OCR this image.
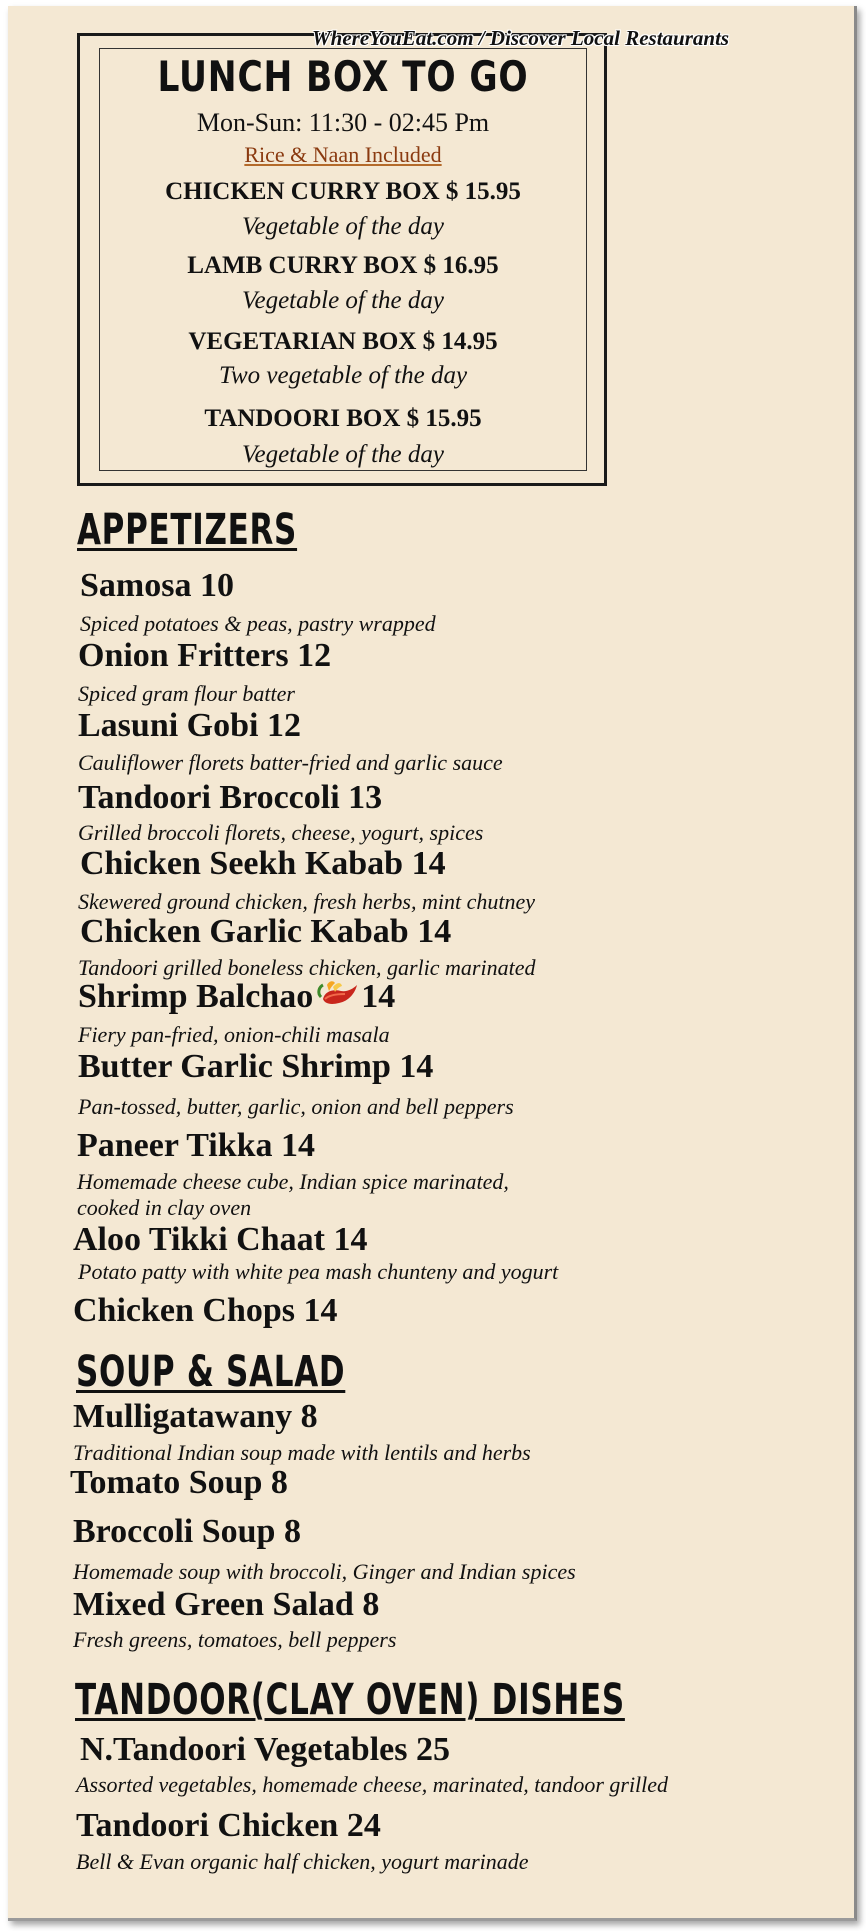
LUNCH BOX TO GO
Mon-Sun: 11:30 - 02:45 Pm
Rice & Naan Included
CHICKEN CURRY BOX $ 15.95
Vegetable of the day
LAMB CURRY BOX $ 16.95
Vegetable of the day
VEGETARIAN BOX $ 14.95
Two vegetable of the day
TANDOORI BOX $ 15.95
Vegetable of the day
WhereYouEat.com / Discover Local Restaurants
APPETIZERS
Samosa 10
Spiced potatoes & peas, pastry wrapped
Onion Fritters 12
Spiced gram flour batter
Lasuni Gobi 12
Cauliflower florets batter-fried and garlic sauce
Tandoori Broccoli 13
Grilled broccoli florets, cheese, yogurt, spices
Chicken Seekh Kabab 14
Skewered ground chicken, fresh herbs, mint chutney
Chicken Garlic Kabab 14
Tandoori grilled boneless chicken, garlic marinated
Shrimp Balchao 14
Fiery pan-fried, onion-chili masala
Butter Garlic Shrimp 14
Pan-tossed, butter, garlic, onion and bell peppers
Paneer Tikka 14
Homemade cheese cube, Indian spice marinated,
cooked in clay oven
Aloo Tikki Chaat 14
Potato patty with white pea mash chunteny and yogurt
Chicken Chops 14
SOUP & SALAD
Mulligatawany 8
Traditional Indian soup made with lentils and herbs
Tomato Soup 8
Broccoli Soup 8
Homemade soup with broccoli, Ginger and Indian spices
Mixed Green Salad 8
Fresh greens, tomatoes, bell peppers
TANDOOR(CLAY OVEN) DISHES
N.Tandoori Vegetables 25
Assorted vegetables, homemade cheese, marinated, tandoor grilled
Tandoori Chicken 24
Bell & Evan organic half chicken, yogurt marinade
